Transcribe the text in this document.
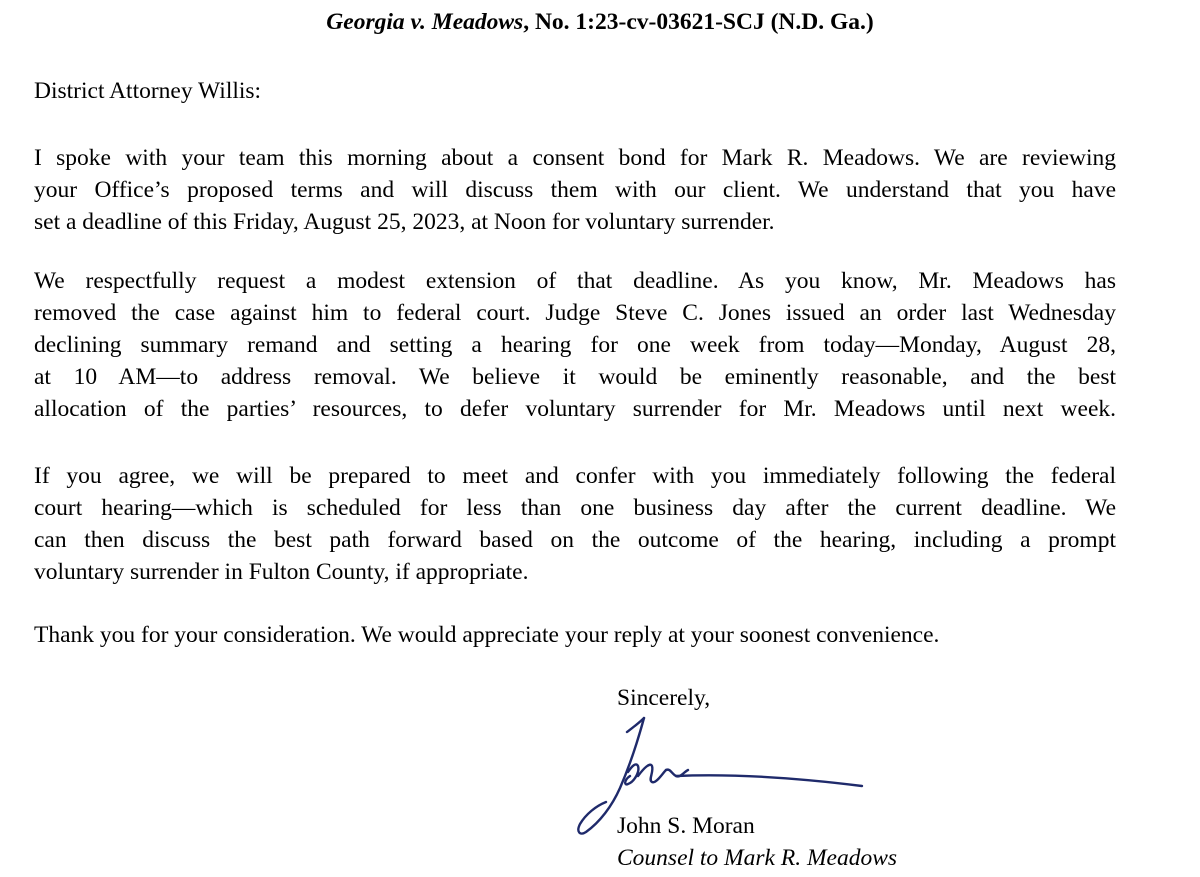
Georgia v. Meadows, No. 1:23-cv-03621-SCJ (N.D. Ga.)
District Attorney Willis:
I spoke with your team this morning about a consent bond for Mark R. Meadows. We are reviewing
your Office’s proposed terms and will discuss them with our client. We understand that you have
set a deadline of this Friday, August 25, 2023, at Noon for voluntary surrender.
We respectfully request a modest extension of that deadline. As you know, Mr. Meadows has
removed the case against him to federal court. Judge Steve C. Jones issued an order last Wednesday
declining summary remand and setting a hearing for one week from today—Monday, August 28,
at 10 AM—to address removal. We believe it would be eminently reasonable, and the best
allocation of the parties’ resources, to defer voluntary surrender for Mr. Meadows until next week.
If you agree, we will be prepared to meet and confer with you immediately following the federal
court hearing—which is scheduled for less than one business day after the current deadline. We
can then discuss the best path forward based on the outcome of the hearing, including a prompt
voluntary surrender in Fulton County, if appropriate.
Thank you for your consideration. We would appreciate your reply at your soonest convenience.
Sincerely,
John S. Moran
Counsel to Mark R. Meadows
